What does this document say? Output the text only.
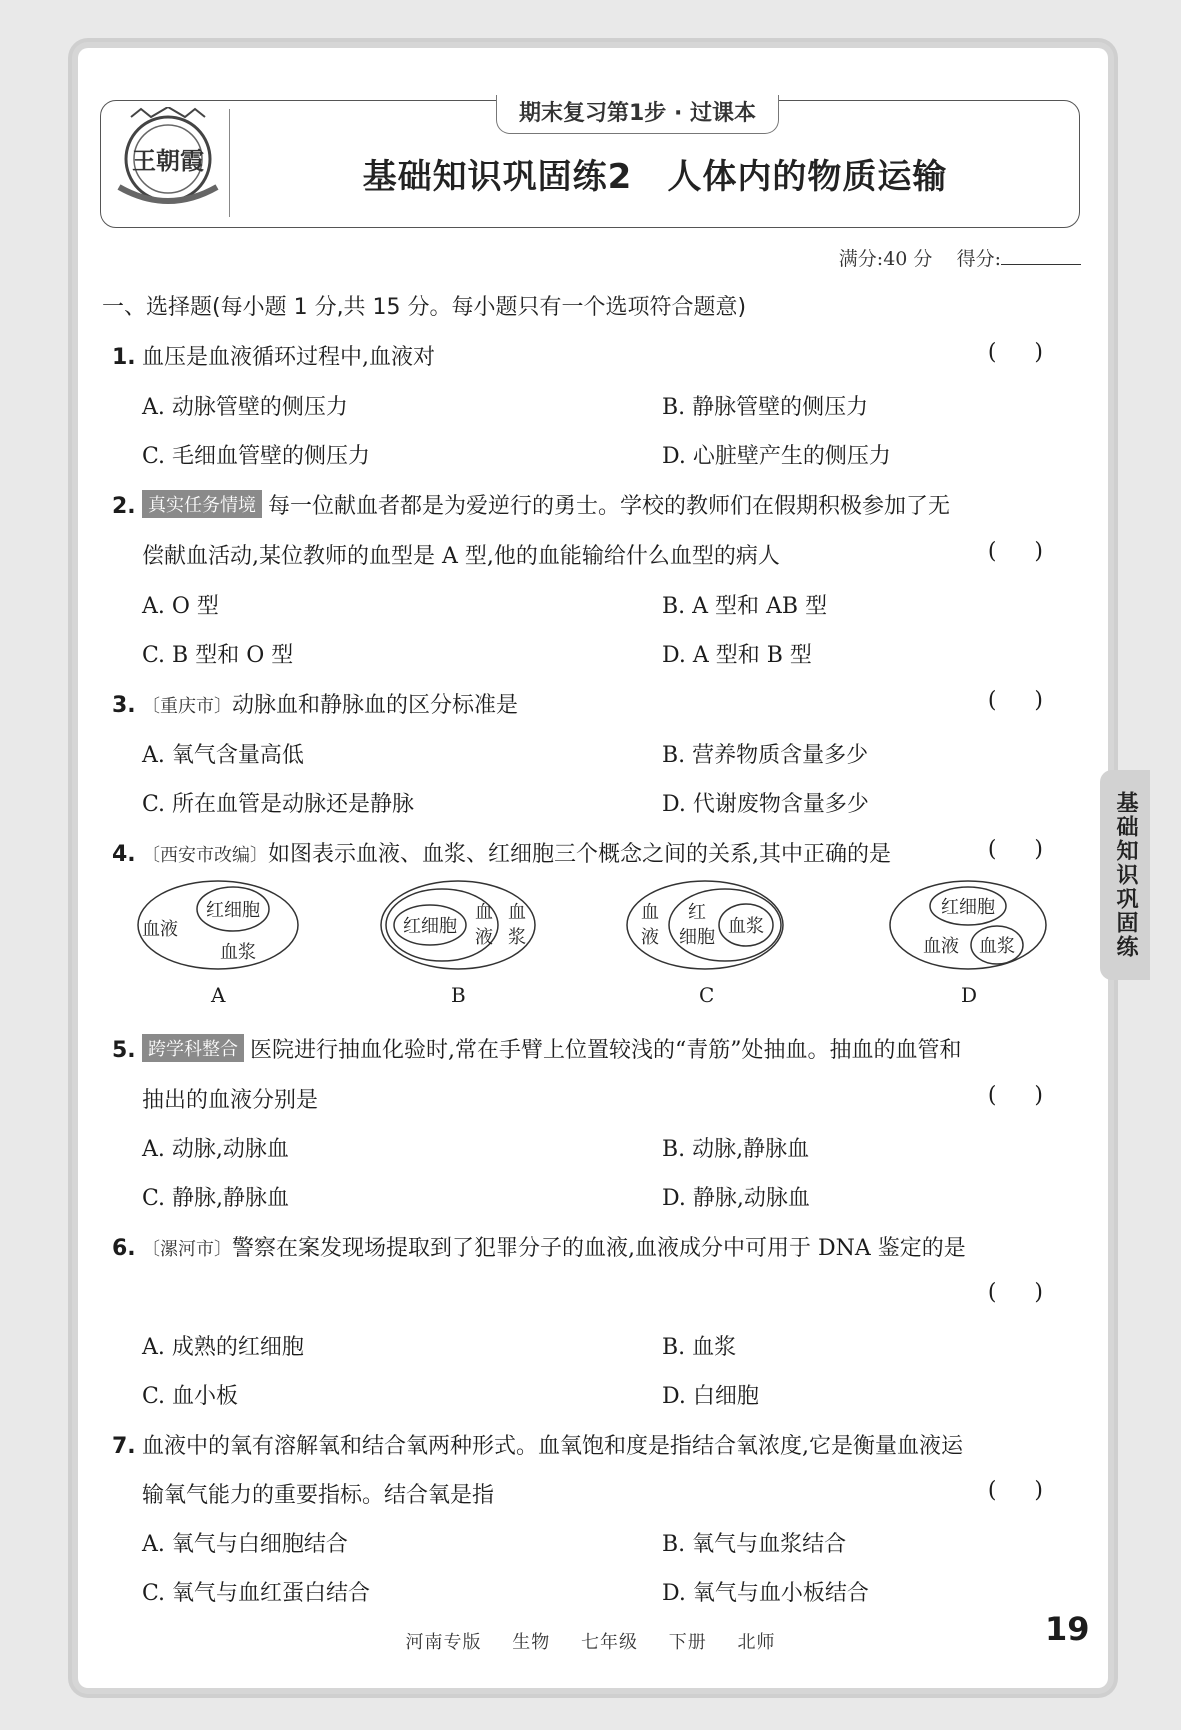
王朝霞
期末复习第1步 · 过课本
基础知识巩固练2　人体内的物质运输
满分:40 分 得分:
一、选择题(每小题 1 分,共 15 分。每小题只有一个选项符合题意)
1. 血压是血液循环过程中,血液对	()
A. 动脉管壁的侧压力	B. 静脉管壁的侧压力
C. 毛细血管壁的侧压力	D. 心脏壁产生的侧压力
2. 真实任务情境 每一位献血者都是为爱逆行的勇士。学校的教师们在假期积极参加了无
偿献血活动,某位教师的血型是 A 型,他的血能输给什么血型的病人	()
A. O 型	B. A 型和 AB 型
C. B 型和 O 型	D. A 型和 B 型
3. 〔重庆市〕动脉血和静脉血的区分标准是	()
A. 氧气含量高低	B. 营养物质含量多少
C. 所在血管是动脉还是静脉	D. 代谢废物含量多少
4. 〔西安市改编〕如图表示血液、血浆、红细胞三个概念之间的关系,其中正确的是	()
红细胞
血液
血浆
红细胞
血
液
血
浆
血
液
红
细胞
血浆
红细胞
血液 血浆
A	B	C	D
5. 跨学科整合 医院进行抽血化验时,常在手臂上位置较浅的“青筋”处抽血。抽血的血管和
抽出的血液分别是	()
A. 动脉,动脉血	B. 动脉,静脉血
C. 静脉,静脉血	D. 静脉,动脉血
6. 〔漯河市〕警察在案发现场提取到了犯罪分子的血液,血液成分中可用于 DNA 鉴定的是
()
A. 成熟的红细胞	B. 血浆
C. 血小板	D. 白细胞
7. 血液中的氧有溶解氧和结合氧两种形式。血氧饱和度是指结合氧浓度,它是衡量血液运
输氧气能力的重要指标。结合氧是指	()
A. 氧气与白细胞结合	B. 氧气与血浆结合
C. 氧气与血红蛋白结合	D. 氧气与血小板结合
基础知识巩固练
河南专版 生物 七年级 下册 北师	19
